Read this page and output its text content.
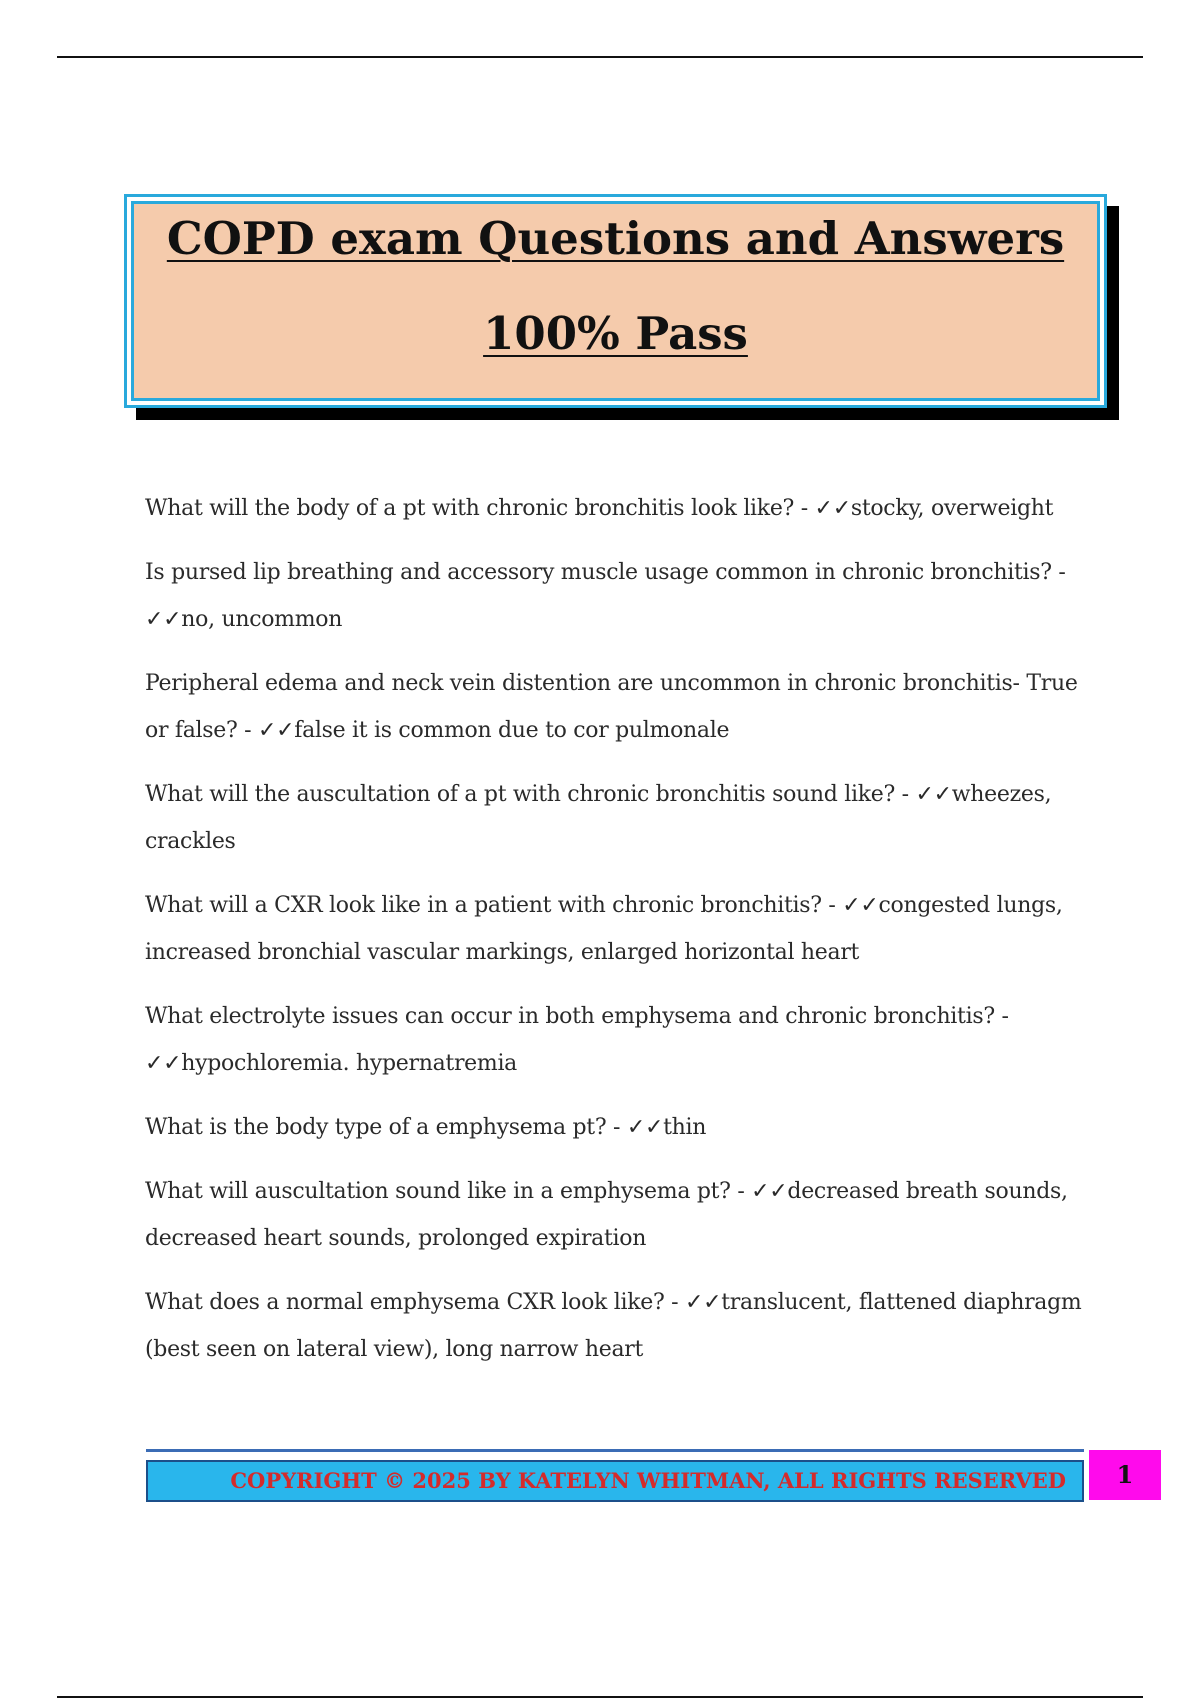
COPD exam Questions and Answers
100% Pass

What will the body of a pt with chronic bronchitis look like? - ✓✓stocky, overweight

Is pursed lip breathing and accessory muscle usage common in chronic bronchitis? - ✓✓no, uncommon

Peripheral edema and neck vein distention are uncommon in chronic bronchitis- True or false? - ✓✓false it is common due to cor pulmonale

What will the auscultation of a pt with chronic bronchitis sound like? - ✓✓wheezes, crackles

What will a CXR look like in a patient with chronic bronchitis? - ✓✓congested lungs, increased bronchial vascular markings, enlarged horizontal heart

What electrolyte issues can occur in both emphysema and chronic bronchitis? - ✓✓hypochloremia. hypernatremia

What is the body type of a emphysema pt? - ✓✓thin

What will auscultation sound like in a emphysema pt? - ✓✓decreased breath sounds, decreased heart sounds, prolonged expiration

What does a normal emphysema CXR look like? - ✓✓translucent, flattened diaphragm (best seen on lateral view), long narrow heart

COPYRIGHT © 2025 BY KATELYN WHITMAN, ALL RIGHTS RESERVED	1
